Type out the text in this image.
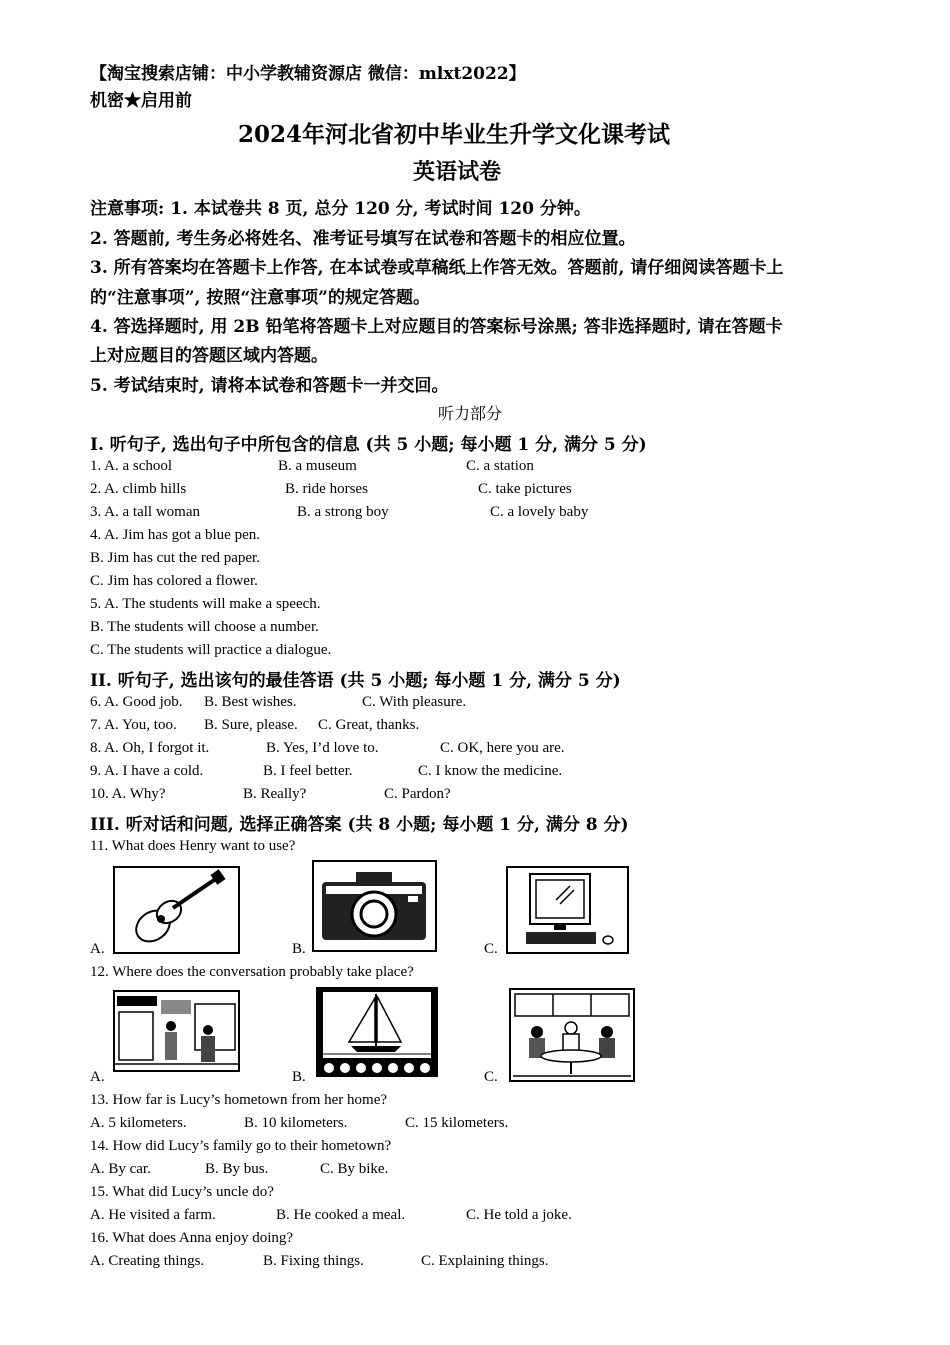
【淘宝搜索店铺：中小学教辅资源店 微信：mlxt2022】
机密★启用前
2024年河北省初中毕业生升学文化课考试
英语试卷
注意事项: 1. 本试卷共 8 页, 总分 120 分, 考试时间 120 分钟。
2. 答题前, 考生务必将姓名、准考证号填写在试卷和答题卡的相应位置。
3. 所有答案均在答题卡上作答, 在本试卷或草稿纸上作答无效。答题前, 请仔细阅读答题卡上
的“注意事项”, 按照“注意事项”的规定答题。
4. 答选择题时, 用 2B 铅笔将答题卡上对应题目的答案标号涂黑; 答非选择题时, 请在答题卡
上对应题目的答题区域内答题。
5. 考试结束时, 请将本试卷和答题卡一并交回。
听力部分
I. 听句子, 选出句子中所包含的信息 (共 5 小题; 每小题 1 分, 满分 5 分)
1. A. a school	B. a museum	C. a station
2. A. climb hills	B. ride horses	C. take pictures
3. A. a tall woman	B. a strong boy	C. a lovely baby
4. A. Jim has got a blue pen.
B. Jim has cut the red paper.
C. Jim has colored a flower.
5. A. The students will make a speech.
B. The students will choose a number.
C. The students will practice a dialogue.
II. 听句子, 选出该句的最佳答语 (共 5 小题; 每小题 1 分, 满分 5 分)
6. A. Good job. B. Best wishes.	C. With pleasure.
7. A. You, too. B. Sure, please. C. Great, thanks.
8. A. Oh, I forgot it.	B. Yes, I’d love to.	C. OK, here you are.
9. A. I have a cold.	B. I feel better.	C. I know the medicine.
10. A. Why?	B. Really?	C. Pardon?
III. 听对话和问题, 选择正确答案 (共 8 小题; 每小题 1 分, 满分 8 分)
11. What does Henry want to use?
A.	B.	C.
12. Where does the conversation probably take place?
A.	B.	C.
13. How far is Lucy’s hometown from her home?
A. 5 kilometers.	B. 10 kilometers.	C. 15 kilometers.
14. How did Lucy’s family go to their hometown?
A. By car.	B. By bus.	C. By bike.
15. What did Lucy’s uncle do?
A. He visited a farm.	B. He cooked a meal.	C. He told a joke.
16. What does Anna enjoy doing?
A. Creating things.	B. Fixing things.	C. Explaining things.
